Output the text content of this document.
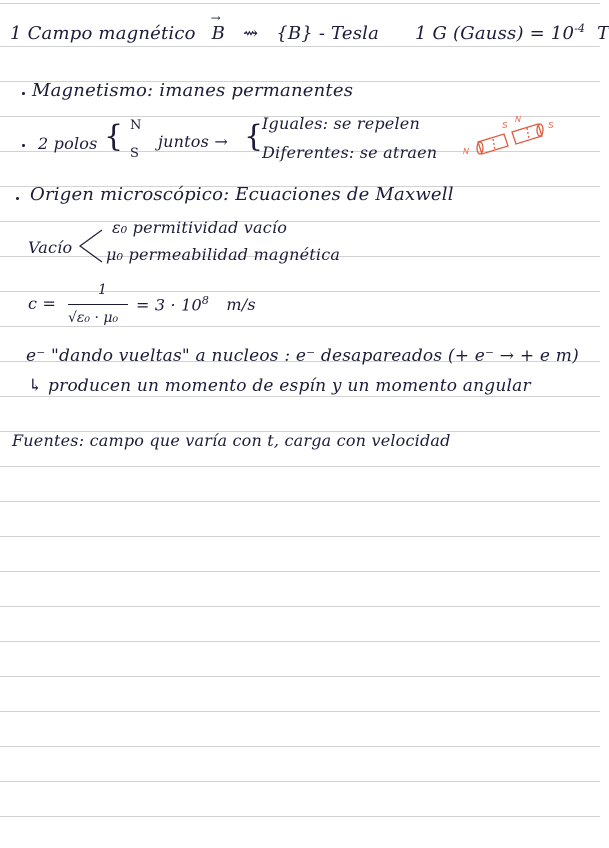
1 Campo magnético
→
B ⇝ {B} - Tesla 1 G (Gauss) = $10^{-4}$ T
Magnetismo: imanes permanentes
2 polos { N
S
juntos → {
Iguales: se repelen
Diferentes: se atraen	N
S
N
S
Origen microscópico: Ecuaciones de Maxwell
Vacío
ε₀ permitividad vacío
μ₀ permeabilidad magnética
c =
1
√ε₀ · μ₀
= $3 \cdot 10^8$ m/s
e⁻ "dando vueltas" a nucleos : e⁻ desapareados (+ e⁻ → + e m)
↳ producen un momento de espín y un momento angular
Fuentes: campo que varía con t, carga con velocidad
